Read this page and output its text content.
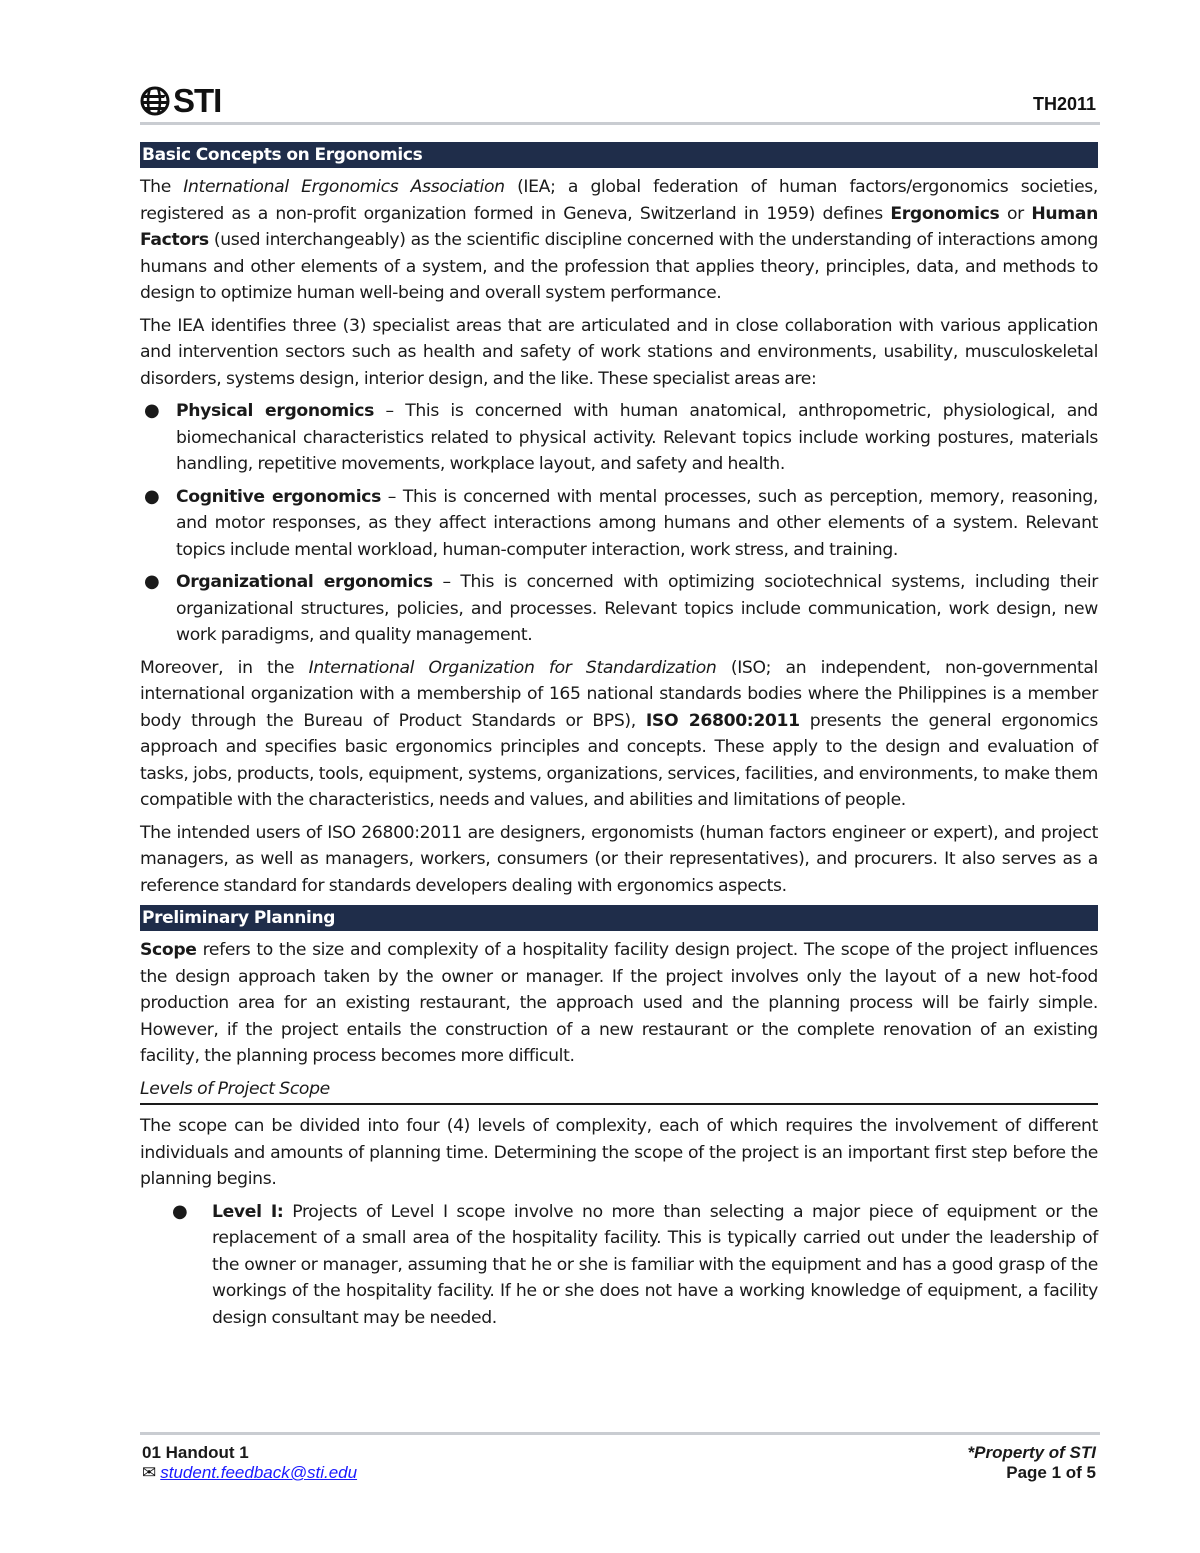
STI	TH2011
Basic Concepts on Ergonomics

The International Ergonomics Association (IEA; a global federation of human factors/ergonomics societies, registered as a non-profit organization formed in Geneva, Switzerland in 1959) defines Ergonomics or Human Factors (used interchangeably) as the scientific discipline concerned with the understanding of interactions among humans and other elements of a system, and the profession that applies theory, principles, data, and methods to design to optimize human well-being and overall system performance.

The IEA identifies three (3) specialist areas that are articulated and in close collaboration with various application and intervention sectors such as health and safety of work stations and environments, usability, musculoskeletal disorders, systems design, interior design, and the like. These specialist areas are:

● Physical ergonomics – This is concerned with human anatomical, anthropometric, physiological, and biomechanical characteristics related to physical activity. Relevant topics include working postures, materials handling, repetitive movements, workplace layout, and safety and health.
● Cognitive ergonomics – This is concerned with mental processes, such as perception, memory, reasoning, and motor responses, as they affect interactions among humans and other elements of a system. Relevant topics include mental workload, human-computer interaction, work stress, and training.
● Organizational ergonomics – This is concerned with optimizing sociotechnical systems, including their organizational structures, policies, and processes. Relevant topics include communication, work design, new work paradigms, and quality management.

Moreover, in the International Organization for Standardization (ISO; an independent, non-governmental international organization with a membership of 165 national standards bodies where the Philippines is a member body through the Bureau of Product Standards or BPS), ISO 26800:2011 presents the general ergonomics approach and specifies basic ergonomics principles and concepts. These apply to the design and evaluation of tasks, jobs, products, tools, equipment, systems, organizations, services, facilities, and environments, to make them compatible with the characteristics, needs and values, and abilities and limitations of people.

The intended users of ISO 26800:2011 are designers, ergonomists (human factors engineer or expert), and project managers, as well as managers, workers, consumers (or their representatives), and procurers. It also serves as a reference standard for standards developers dealing with ergonomics aspects.

Preliminary Planning

Scope refers to the size and complexity of a hospitality facility design project. The scope of the project influences the design approach taken by the owner or manager. If the project involves only the layout of a new hot-food production area for an existing restaurant, the approach used and the planning process will be fairly simple. However, if the project entails the construction of a new restaurant or the complete renovation of an existing facility, the planning process becomes more difficult.

Levels of Project Scope

The scope can be divided into four (4) levels of complexity, each of which requires the involvement of different individuals and amounts of planning time. Determining the scope of the project is an important first step before the planning begins.

● Level I: Projects of Level I scope involve no more than selecting a major piece of equipment or the replacement of a small area of the hospitality facility. This is typically carried out under the leadership of the owner or manager, assuming that he or she is familiar with the equipment and has a good grasp of the workings of the hospitality facility. If he or she does not have a working knowledge of equipment, a facility design consultant may be needed.
01 Handout 1
✉ student.feedback@sti.edu
*Property of STI
Page 1 of 5
